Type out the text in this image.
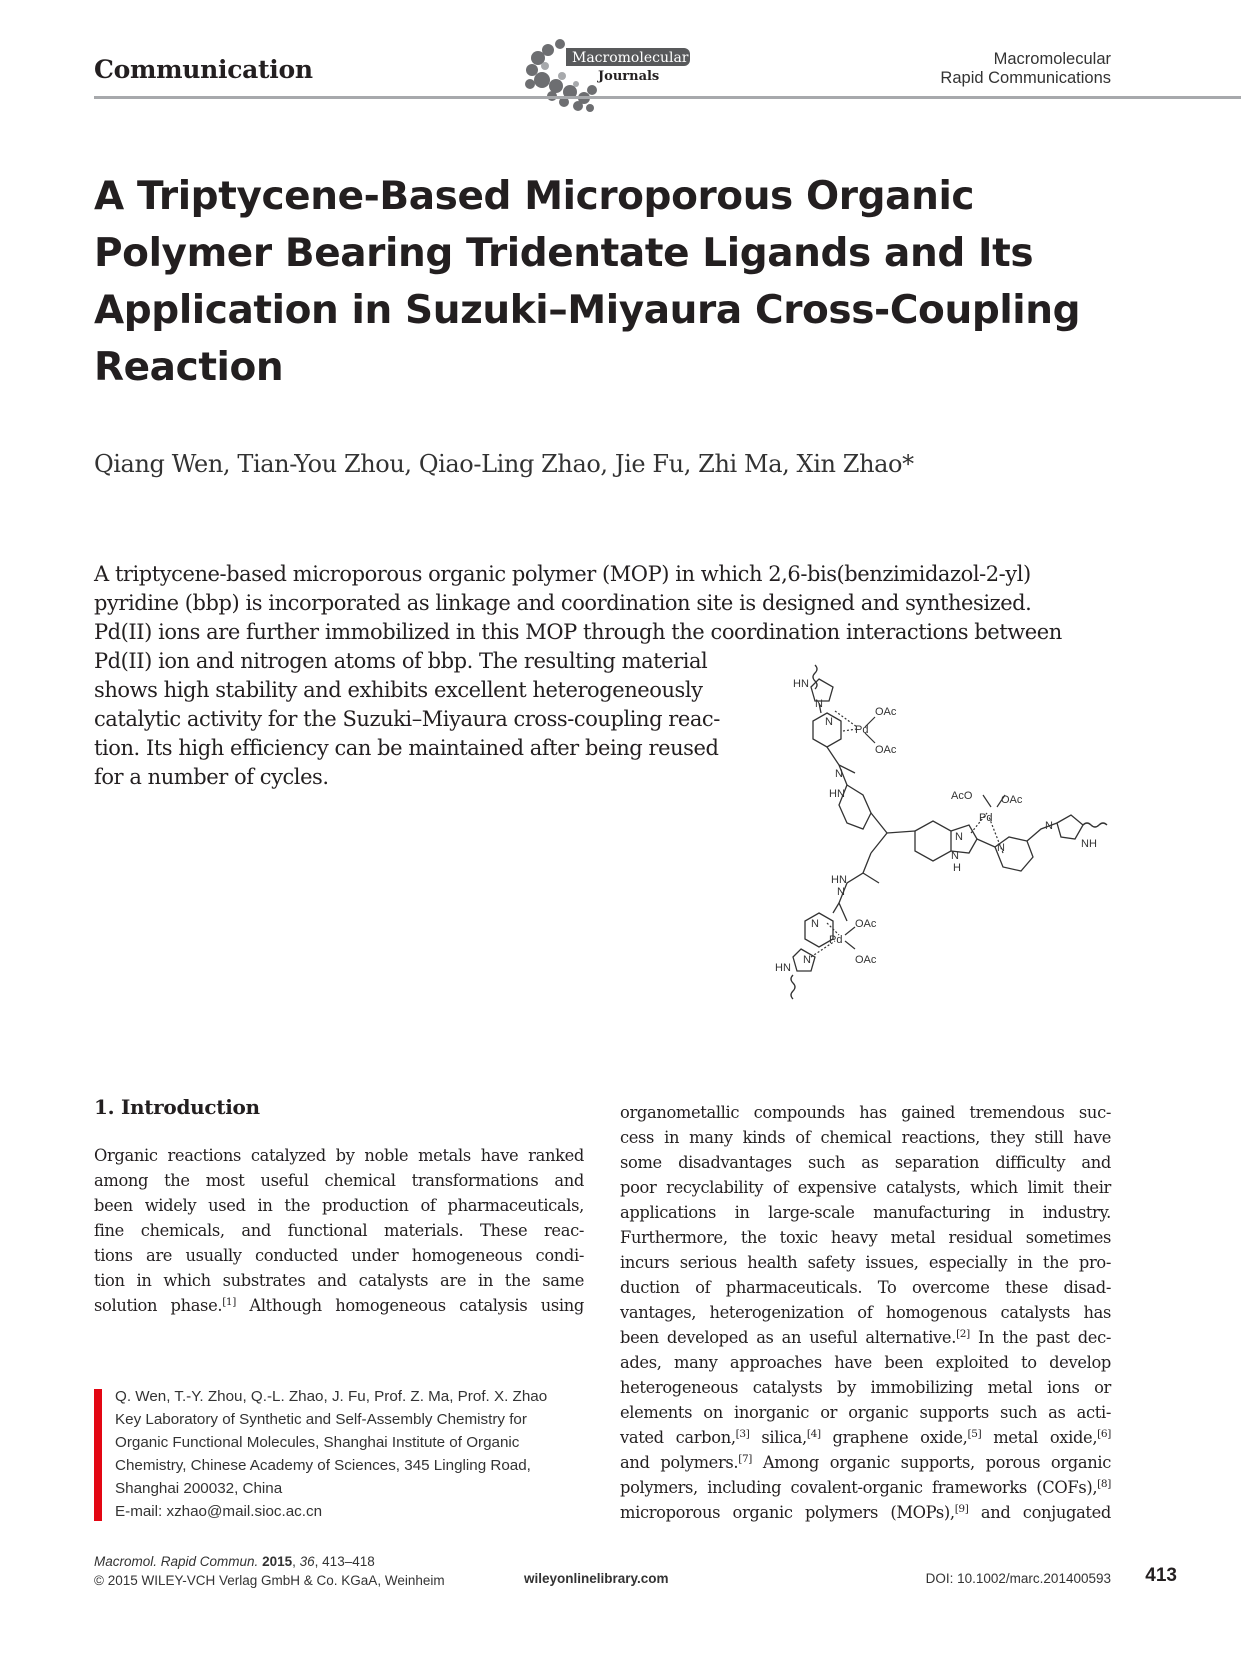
Communication	Macromolecular
Journals
Macromolecular
Rapid Communications
A Triptycene-Based Microporous Organic
Polymer Bearing Tridentate Ligands and Its
Application in Suzuki–Miyaura Cross-Coupling
Reaction
Qiang Wen, Tian-You Zhou, Qiao-Ling Zhao, Jie Fu, Zhi Ma, Xin Zhao*
A triptycene-based microporous organic polymer (MOP) in which 2,6-bis(benzimidazol-2-yl)
pyridine (bbp) is incorporated as linkage and coordination site is designed and synthesized.
Pd(II) ions are further immobilized in this MOP through the coordination interactions between
Pd(II) ion and nitrogen atoms of bbp. The resulting material
shows high stability and exhibits excellent heterogeneously
catalytic activity for the Suzuki–Miyaura cross-coupling reac-
tion. Its high efficiency can be maintained after being reused
for a number of cycles.
HN
N
N
Pd
OAc
OAc
N
HN	AcO	OAc
Pd
N
N
N
H
N
NH
HN
N
N
Pd
OAc
OAc
N
HN
1. Introduction
Organic reactions catalyzed by noble metals have ranked
among the most useful chemical transformations and
been widely used in the production of pharmaceuticals,
fine chemicals, and functional materials. These reac-
tions are usually conducted under homogeneous condi-
tion in which substrates and catalysts are in the same
solution phase.[1] Although homogeneous catalysis using
organometallic compounds has gained tremendous suc-
cess in many kinds of chemical reactions, they still have
some disadvantages such as separation difficulty and
poor recyclability of expensive catalysts, which limit their
applications in large-scale manufacturing in industry.
Furthermore, the toxic heavy metal residual sometimes
incurs serious health safety issues, especially in the pro-
duction of pharmaceuticals. To overcome these disad-
vantages, heterogenization of homogenous catalysts has
been developed as an useful alternative.[2] In the past dec-
ades, many approaches have been exploited to develop
heterogeneous catalysts by immobilizing metal ions or
elements on inorganic or organic supports such as acti-
vated carbon,[3] silica,[4] graphene oxide,[5] metal oxide,[6]
and polymers.[7] Among organic supports, porous organic
polymers, including covalent-organic frameworks (COFs),[8]
microporous organic polymers (MOPs),[9] and conjugated
Q. Wen, T.-Y. Zhou, Q.-L. Zhao, J. Fu, Prof. Z. Ma, Prof. X. Zhao
Key Laboratory of Synthetic and Self-Assembly Chemistry for
Organic Functional Molecules, Shanghai Institute of Organic
Chemistry, Chinese Academy of Sciences, 345 Lingling Road,
Shanghai 200032, China
E-mail: xzhao@mail.sioc.ac.cn
Macromol. Rapid Commun. 2015, 36, 413–418
© 2015 WILEY-VCH Verlag GmbH & Co. KGaA, Weinheim	wileyonlinelibrary.com	DOI: 10.1002/marc.201400593 413
